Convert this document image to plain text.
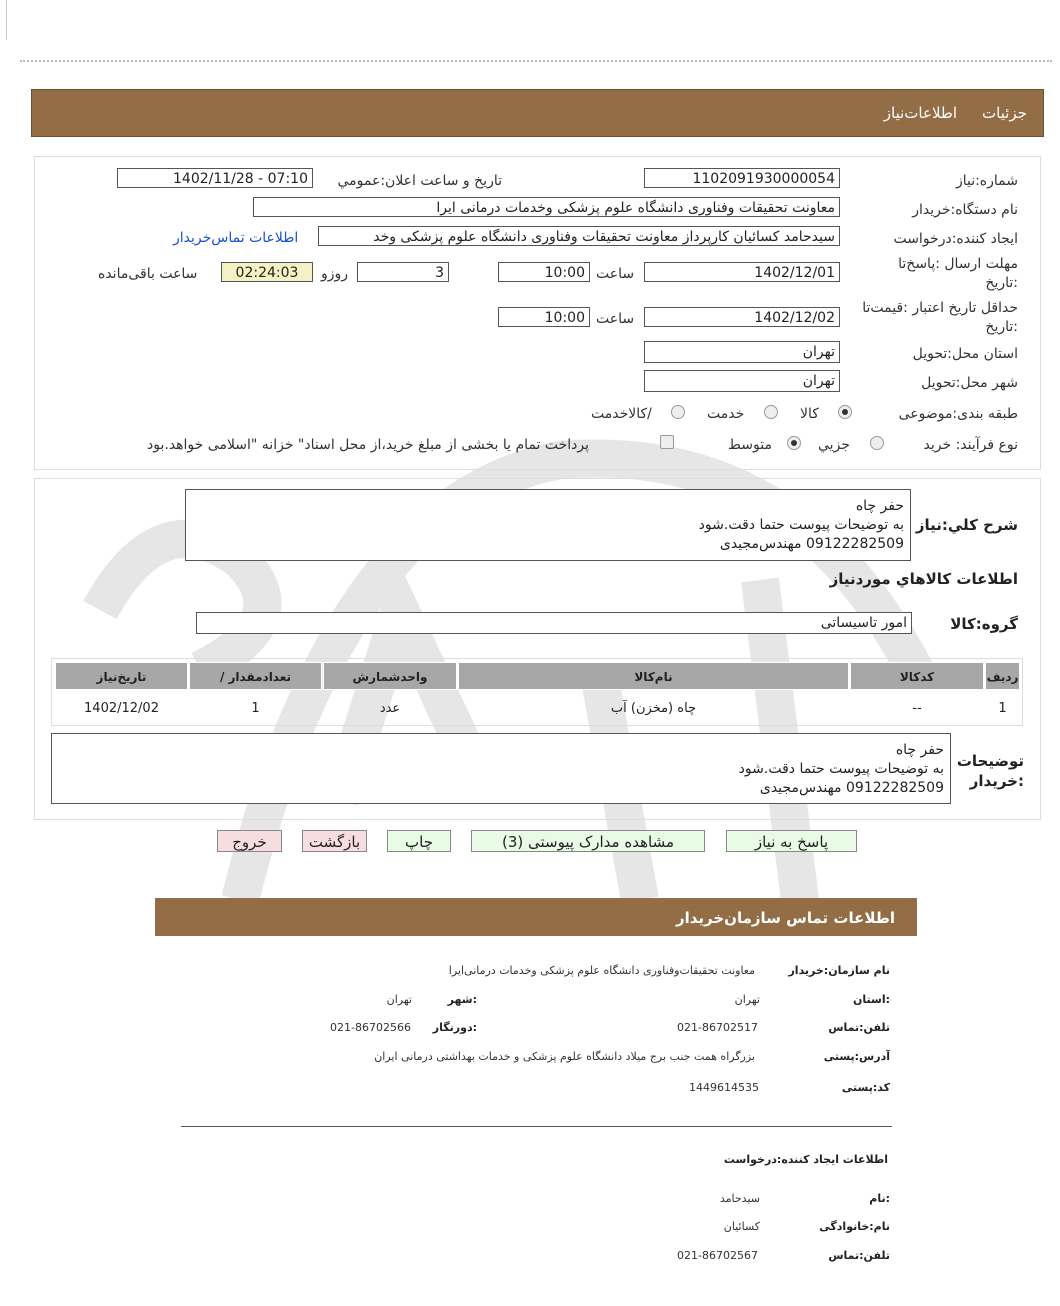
جزئیات
اطلاعات‌نیاز
شماره:نیاز
1102091930000054
تاریخ و ساعت اعلان:عمومي
1402/11/28 - 07:10
نام دستگاه:خریدار
معاونت تحقیقات وفناوری دانشگاه علوم پزشکی وخدمات درمانی ایرا
ایجاد کننده:درخواست
سیدحامد کسائیان کارپرداز معاونت تحقیقات وفناوری دانشگاه علوم پزشکی وخد
اطلاعات تماس‌خریدار
مهلت ارسال :پاسخ‌تا
:تاریخ
1402/12/01
ساعت
10:00
3
روزو
02:24:03
ساعت باقی‌مانده
حداقل تاریخ اعتبار :قیمت‌تا
:تاریخ
1402/12/02
ساعت
10:00
استان محل:تحویل
تهران
شهر محل:تحویل
تهران
طبقه بندی:موضوعی
کالا
خدمت
/کالاخدمت
نوع فرآیند: خرید
جزیي
متوسط
پرداخت تمام یا بخشی از مبلغ خرید،از محل اسناد" خزانه "اسلامی خواهد.بود
شرح کلي:نیاز
حفر چاه
به توضیحات پیوست حتما دقت.شود
09122282509 مهندس‌مجیدی
اطلاعات کالاهاي موردنیاز
گروه:کالا
امور تاسیساتی
ردیف
کدکالا
نام‌کالا
واحدشمارش
/ تعدادمقدار
تاریخ‌نیاز
1
--
چاه (مخزن) آب
عدد
1
1402/12/02
توضیحات
:خریدار
حفر چاه
به توضیحات پیوست حتما دقت.شود
09122282509 مهندس‌مجیدی
پاسخ به نیاز
مشاهده مدارک پیوستی (3)
چاپ
بازگشت
خروج
اطلاعات تماس سازمان‌خریدار
نام سازمان:خریدار
معاونت تحقیقات‌وفناوری دانشگاه علوم پزشکی وخدمات درمانی‌ایرا
:استان
تهران
:شهر
تهران
تلفن:تماس
021-86702517
:دورنگار
021-86702566
آدرس:پستی
بزرگراه همت جنب برج میلاد دانشگاه علوم پزشکی و خدمات بهداشتی درمانی ایران
کد:پستی
1449614535
اطلاعات ایجاد کننده:درخواست
:نام
سیدحامد
نام:خانوادگی
کسائیان
تلفن:تماس
021-86702567
